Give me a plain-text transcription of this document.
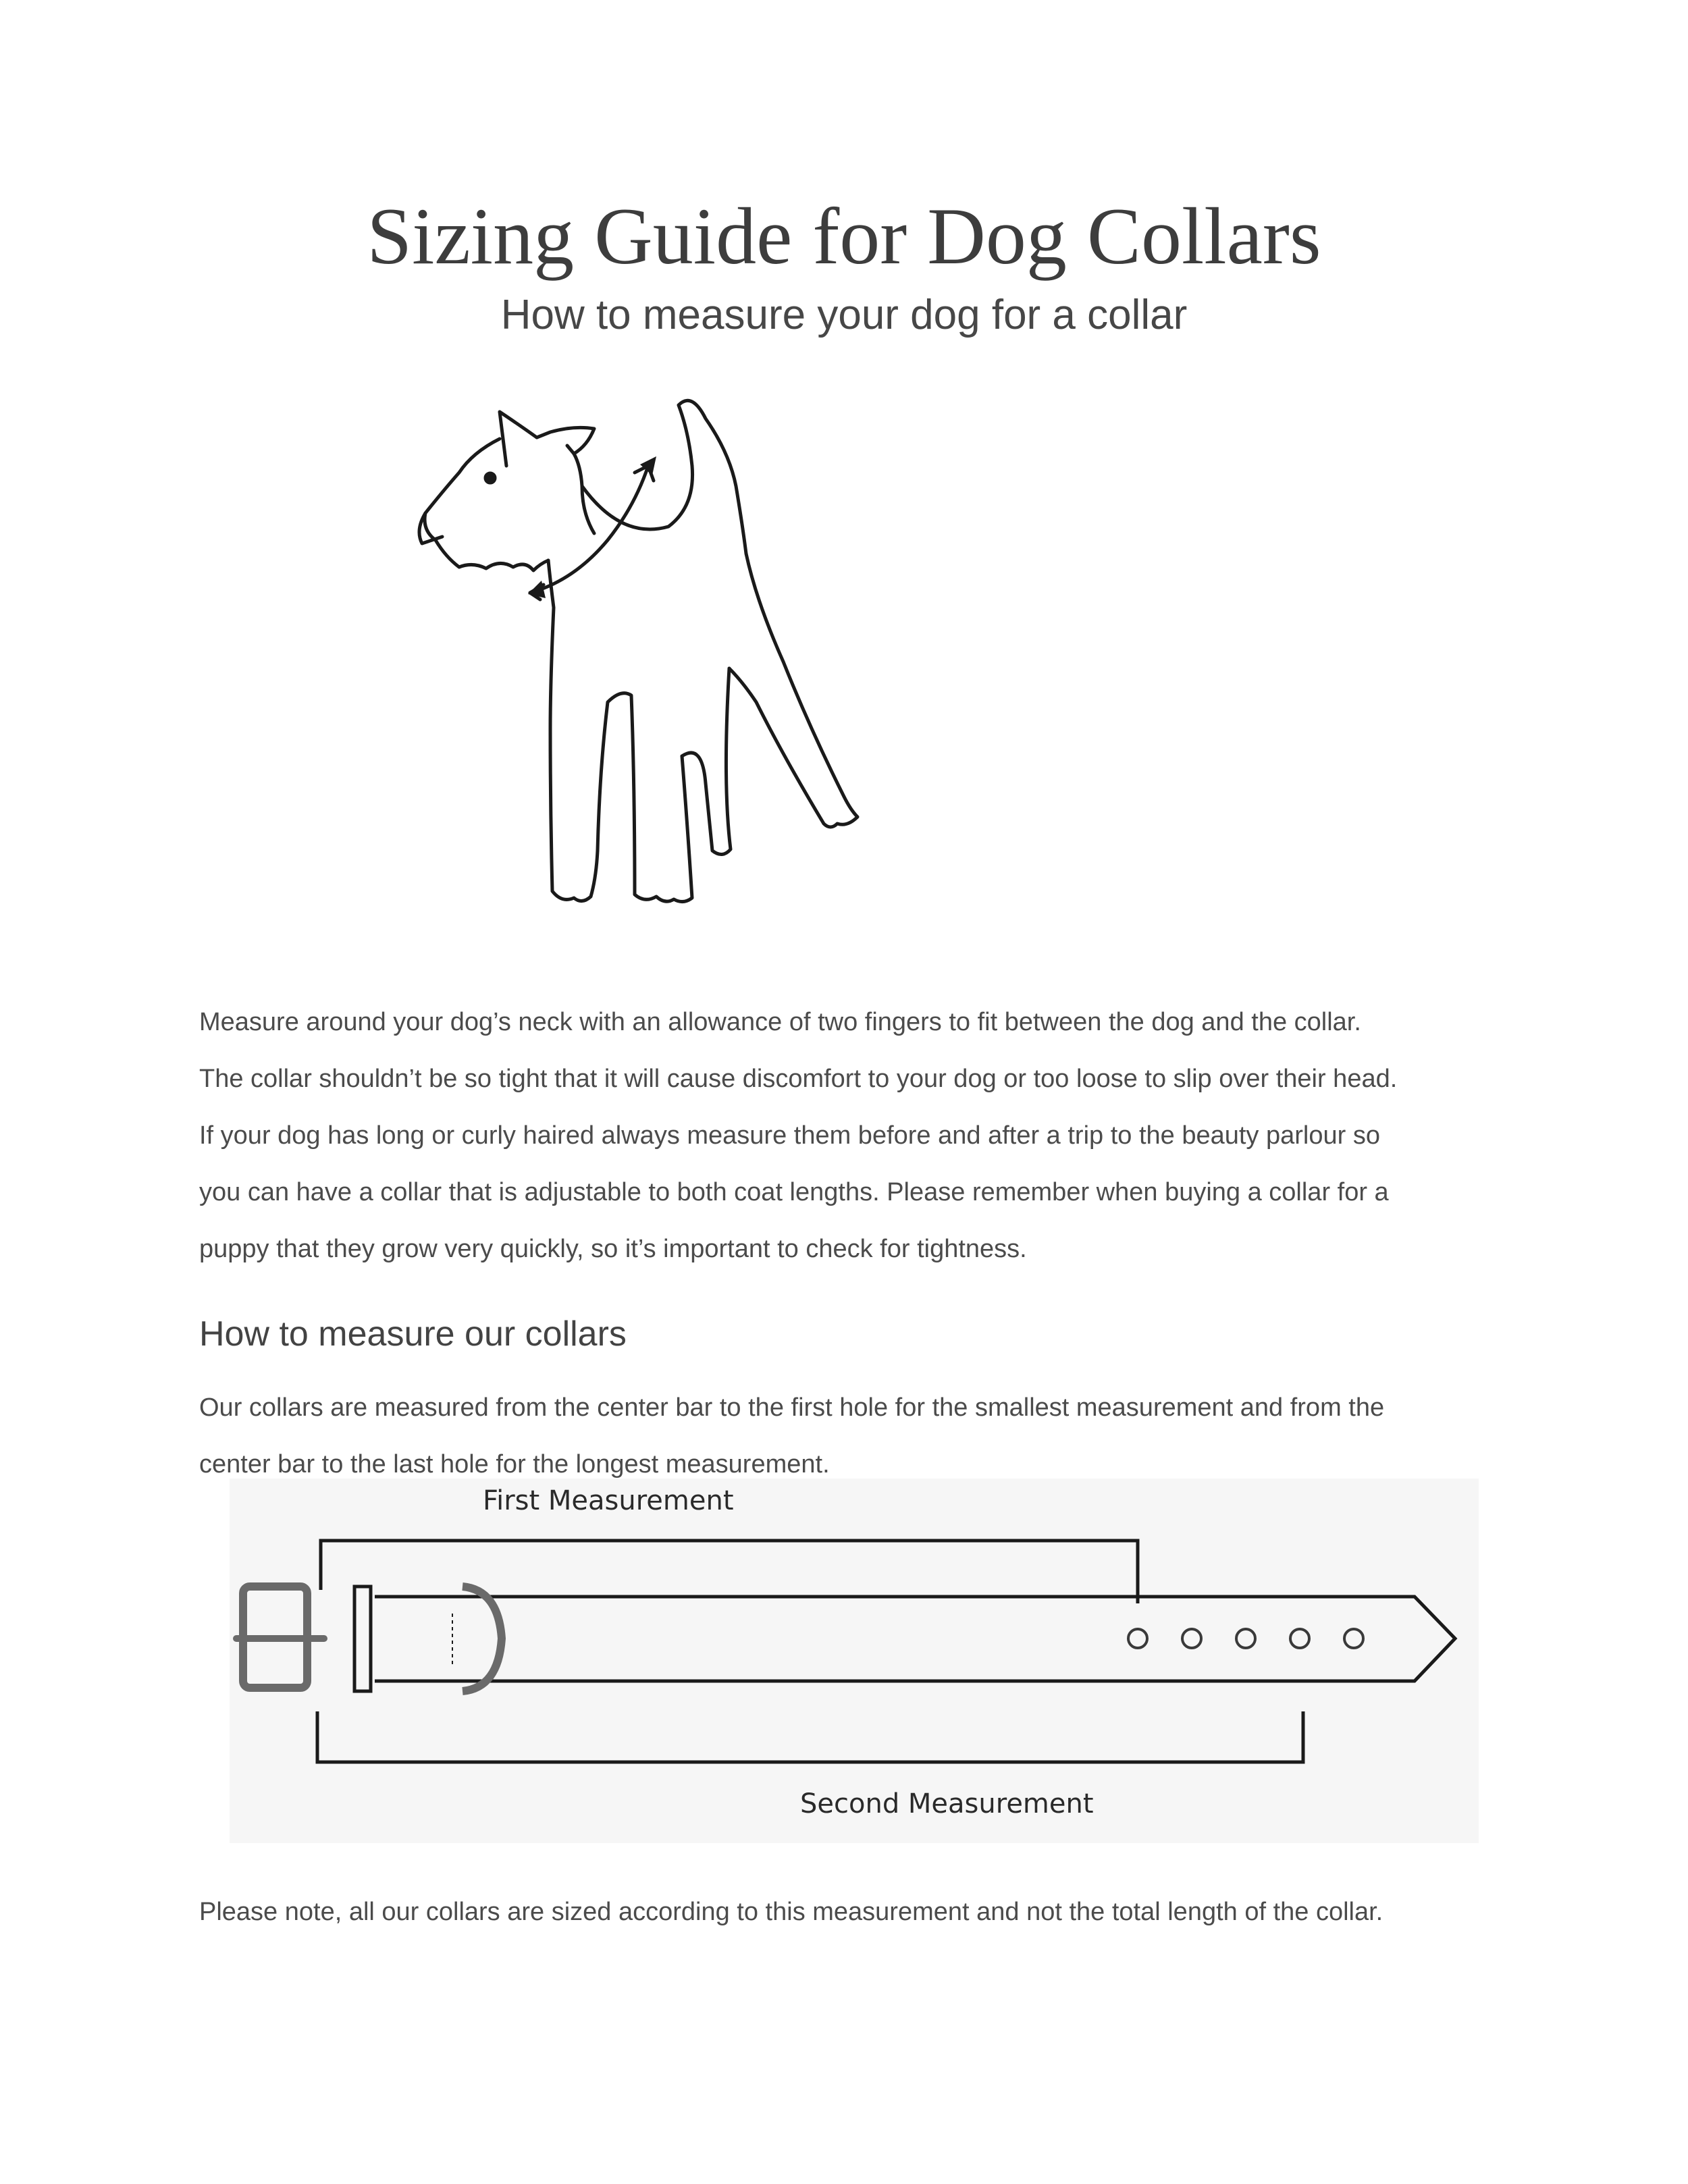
Sizing Guide for Dog Collars
How to measure your dog for a collar

Measure around your dog’s neck with an allowance of two fingers to fit between the dog and the collar.

The collar shouldn’t be so tight that it will cause discomfort to your dog or too loose to slip over their head.

If your dog has long or curly haired always measure them before and after a trip to the beauty parlour so

you can have a collar that is adjustable to both coat lengths. Please remember when buying a collar for a

puppy that they grow very quickly, so it’s important to check for tightness.

How to measure our collars

Our collars are measured from the center bar to the first hole for the smallest measurement and from the

center bar to the last hole for the longest measurement.

First Measurement
Second Measurement
Please note, all our collars are sized according to this measurement and not the total length of the collar.
